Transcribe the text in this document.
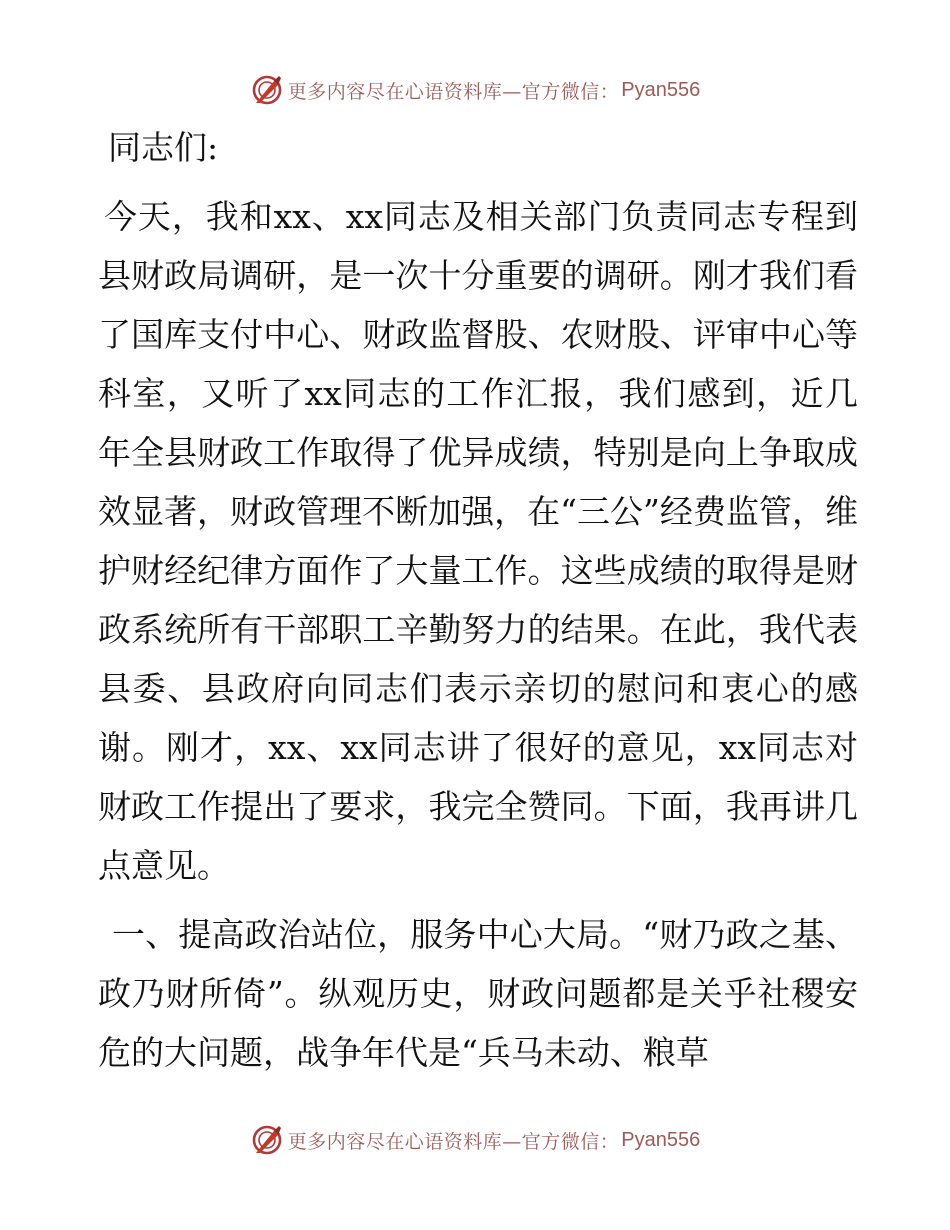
更多内容尽在心语资料库—官方微信： Pyan556

同志们:

今天，我和xx、xx同志及相关部门负责同志专程到县财政局调研，是一次十分重要的调研。刚才我们看了国库支付中心、财政监督股、农财股、评审中心等科室，又听了xx同志的工作汇报，我们感到，近几年全县财政工作取得了优异成绩，特别是向上争取成效显著，财政管理不断加强，在“三公”经费监管，维护财经纪律方面作了大量工作。这些成绩的取得是财政系统所有干部职工辛勤努力的结果。在此，我代表县委、县政府向同志们表示亲切的慰问和衷心的感谢。刚才，xx、xx同志讲了很好的意见，xx同志对财政工作提出了要求，我完全赞同。下面，我再讲几点意见。

一、提高政治站位，服务中心大局。“财乃政之基、政乃财所倚”。纵观历史，财政问题都是关乎社稷安危的大问题，战争年代是“兵马未动、粮草

更多内容尽在心语资料库—官方微信： Pyan556
